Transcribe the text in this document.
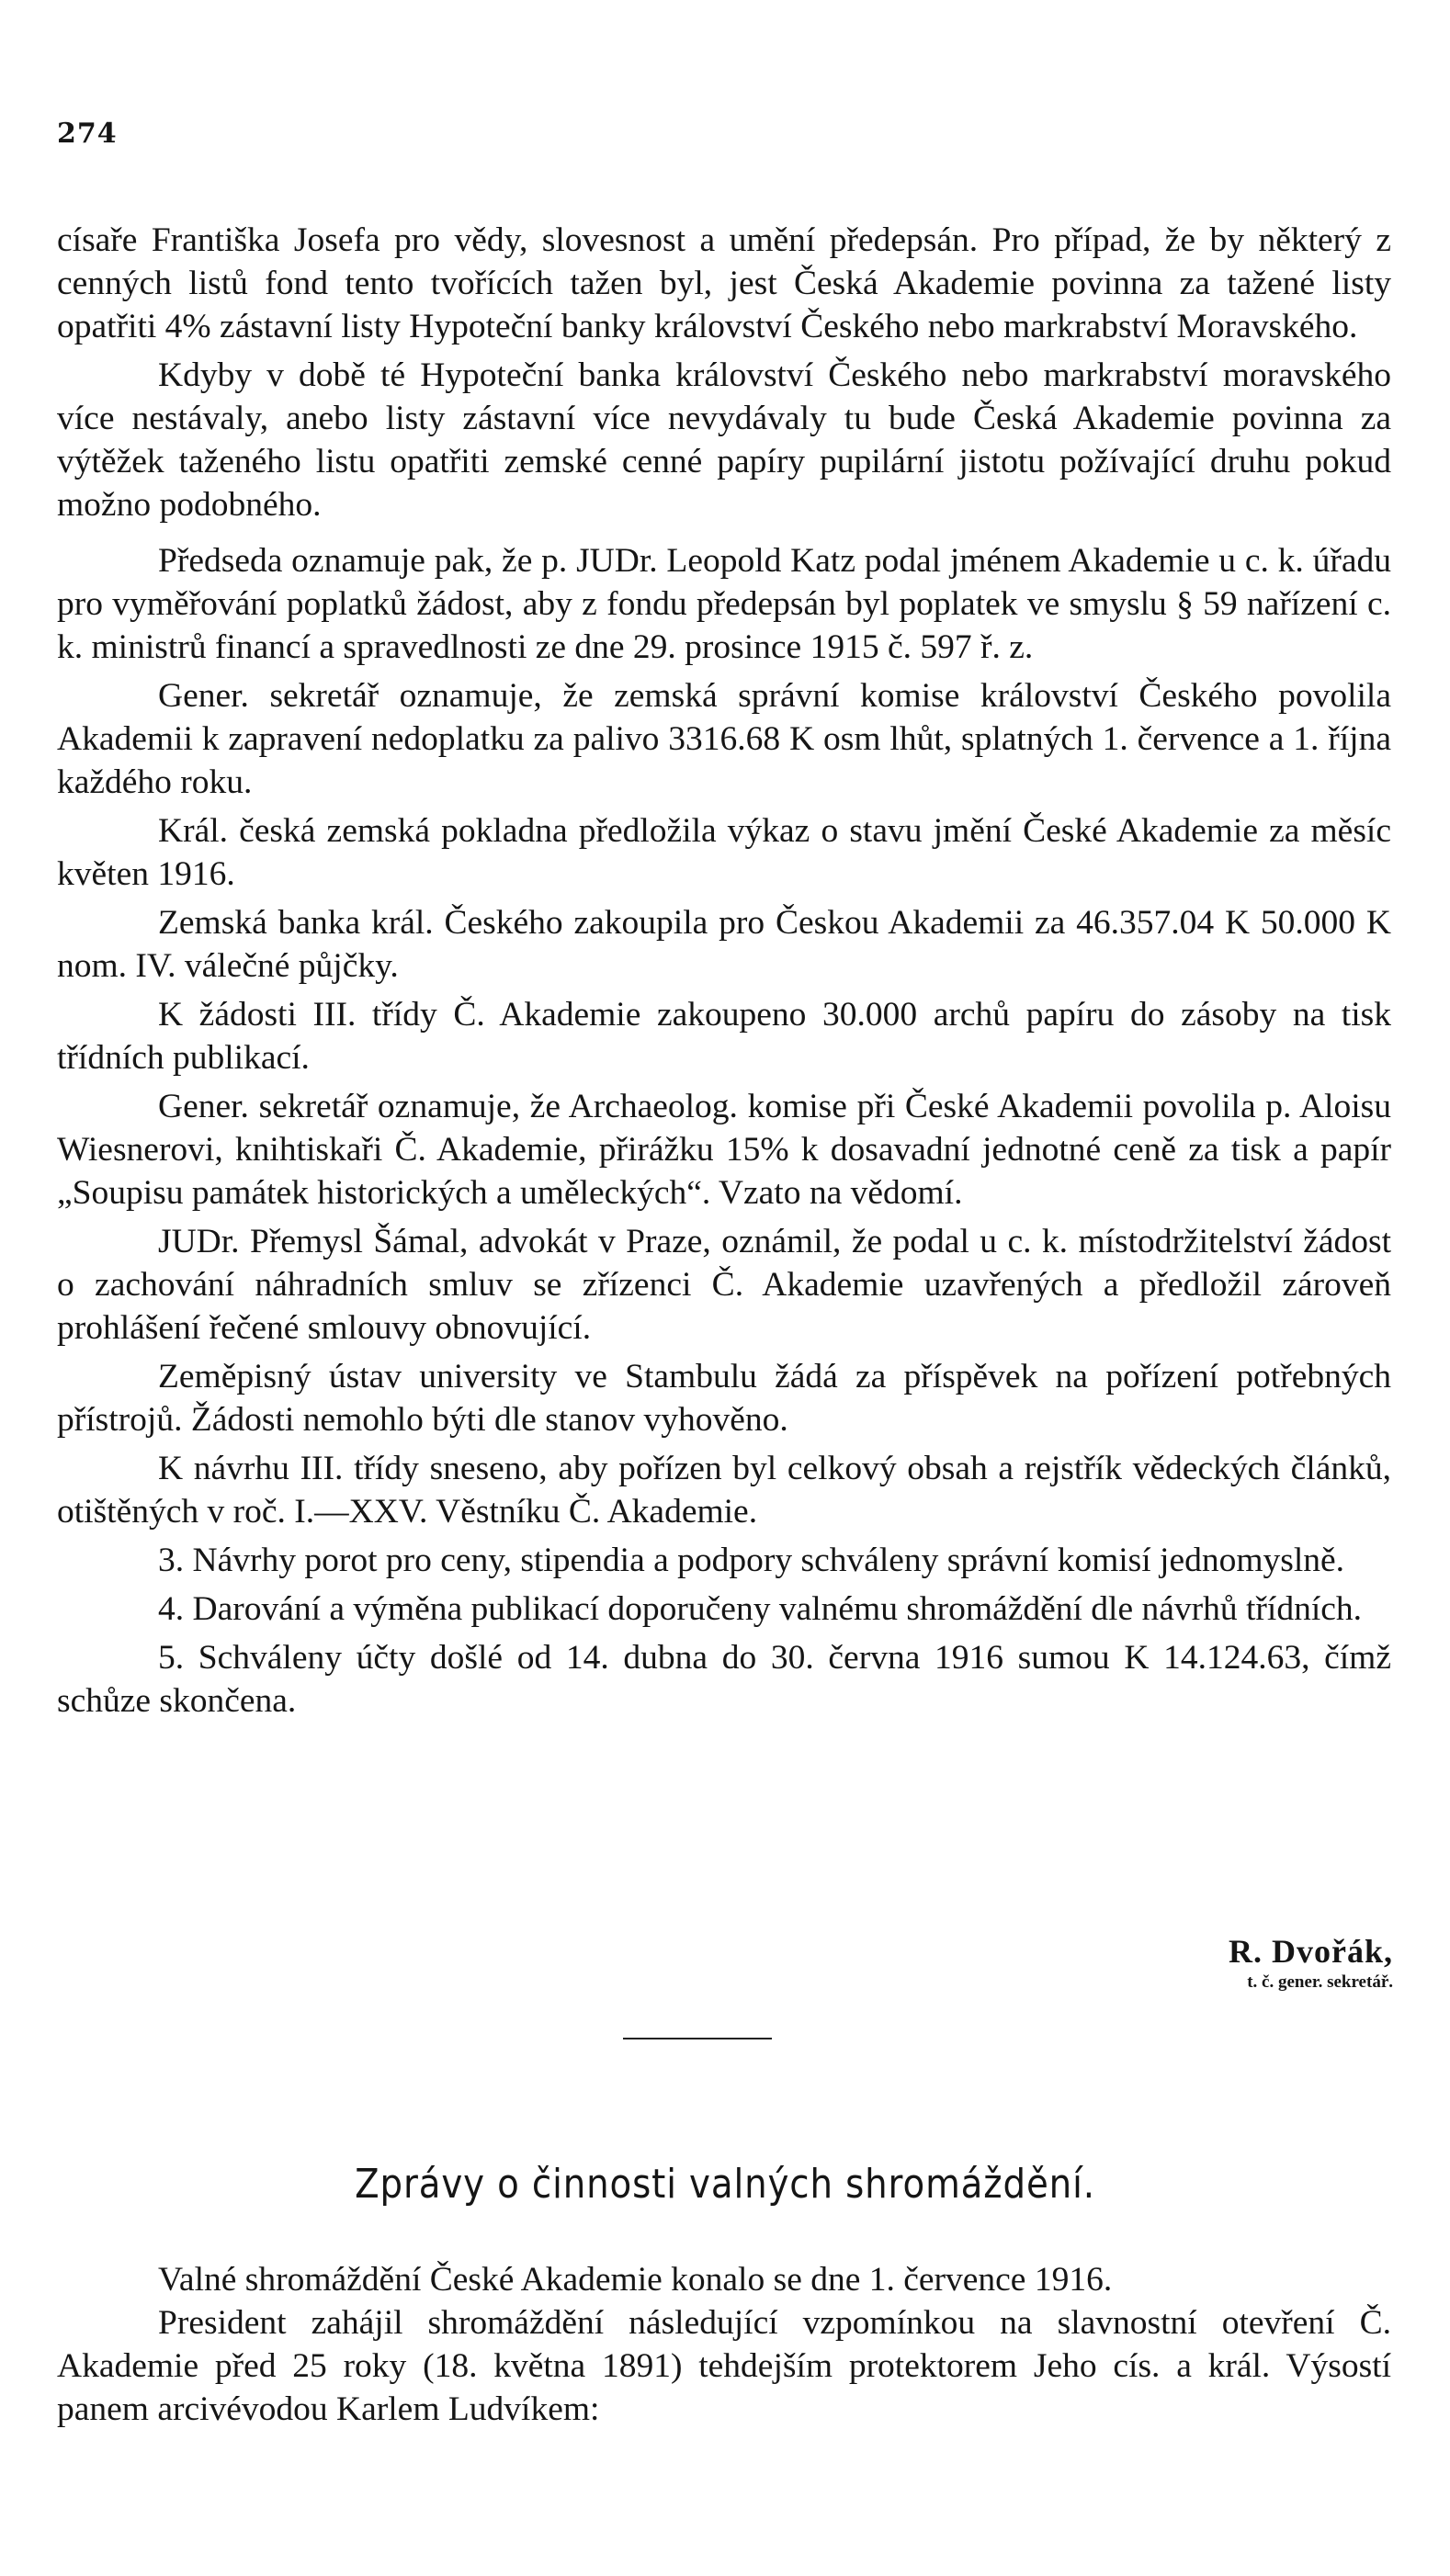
274

císaře Františka Josefa pro vědy, slovesnost a umění předepsán. Pro případ, že by některý z cenných listů fond tento tvořících tažen byl, jest Česká Akademie povinna za tažené listy opatřiti 4% zástavní listy Hypoteční banky království Českého nebo markrabství Moravského.

Kdyby v době té Hypoteční banka království Českého nebo markrabství moravského více nestávaly, anebo listy zástavní více nevydávaly tu bude Česká Akademie povinna za výtěžek taženého listu opatřiti zemské cenné papíry pupilární jistotu požívající druhu pokud možno podobného.

Předseda oznamuje pak, že p. JUDr. Leopold Katz podal jménem Akademie u c. k. úřadu pro vyměřování poplatků žádost, aby z fondu předepsán byl poplatek ve smyslu § 59 nařízení c. k. ministrů financí a spravedlnosti ze dne 29. prosince 1915 č. 597 ř. z.

Gener. sekretář oznamuje, že zemská správní komise království Českého povolila Akademii k zapravení nedoplatku za palivo 3316.68 K osm lhůt, splatných 1. července a 1. října každého roku.

Král. česká zemská pokladna předložila výkaz o stavu jmění České Akademie za měsíc květen 1916.

Zemská banka král. Českého zakoupila pro Českou Akademii za 46.357.04 K 50.000 K nom. IV. válečné půjčky.

K žádosti III. třídy Č. Akademie zakoupeno 30.000 archů papíru do zásoby na tisk třídních publikací.

Gener. sekretář oznamuje, že Archaeolog. komise při České Akademii povolila p. Aloisu Wiesnerovi, knihtiskaři Č. Akademie, přirážku 15% k dosavadní jednotné ceně za tisk a papír „Soupisu památek historických a uměleckých“. Vzato na vědomí.

JUDr. Přemysl Šámal, advokát v Praze, oznámil, že podal u c. k. místodržitelství žádost o zachování náhradních smluv se zřízenci Č. Akademie uzavřených a předložil zároveň prohlášení řečené smlouvy obnovující.

Zeměpisný ústav university ve Stambulu žádá za příspěvek na pořízení potřebných přístrojů. Žádosti nemohlo býti dle stanov vyhověno.

K návrhu III. třídy sneseno, aby pořízen byl celkový obsah a rejstřík vědeckých článků, otištěných v roč. I.—XXV. Věstníku Č. Akademie.

3. Návrhy porot pro ceny, stipendia a podpory schváleny správní komisí jednomyslně.

4. Darování a výměna publikací doporučeny valnému shromáždění dle návrhů třídních.

5. Schváleny účty došlé od 14. dubna do 30. června 1916 sumou K 14.124.63, čímž schůze skončena.

R. Dvořák,
t. č. gener. sekretář.
Zprávy o činnosti valných shromáždění.

Valné shromáždění České Akademie konalo se dne 1. července 1916.

President zahájil shromáždění následující vzpomínkou na slavnostní otevření Č. Akademie před 25 roky (18. května 1891) tehdejším protektorem Jeho cís. a král. Výsostí panem arcivévodou Karlem Ludvíkem:
